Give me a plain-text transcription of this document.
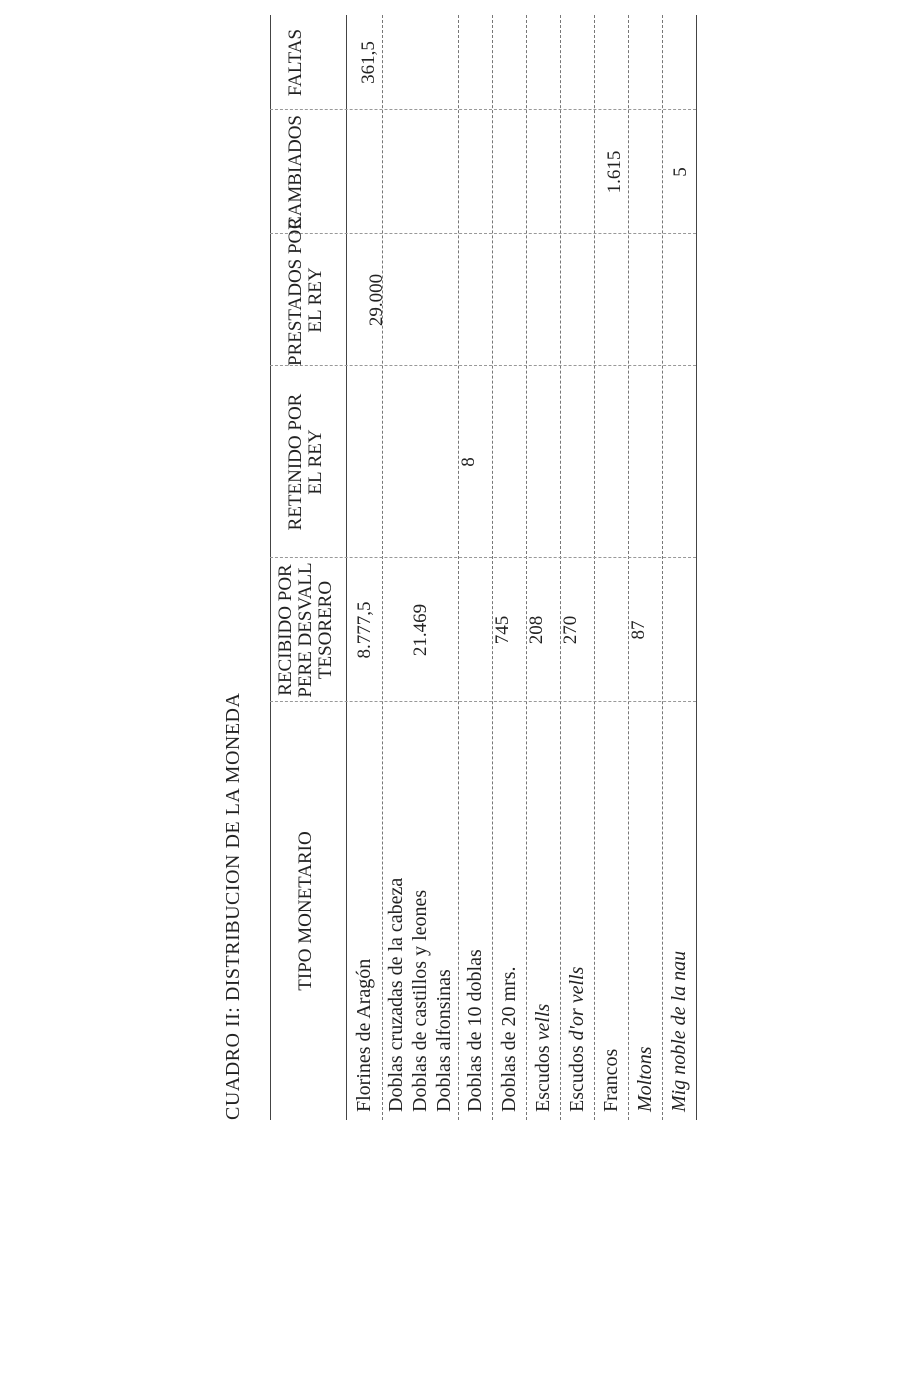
CUADRO II: DISTRIBUCION DE LA MONEDA	TIPO MONETARIO
RECIBIDO POR PERE DESVALL TESORERO
RETENIDO POR EL REY
PRESTADOS POR EL REY
CAMBIADOS
FALTAS
Florines de Aragón
8.777,5
29.000
361,5
Doblas cruzadas de la cabeza Doblas de castillos y leones Doblas alfonsinas
21.469
Doblas de 10 doblas
8
Doblas de 20 mrs.
745
Escudos vells
208
Escudos d'or vells
270
Francos
1.615
Moltons
87
Mig noble de la nau
5
